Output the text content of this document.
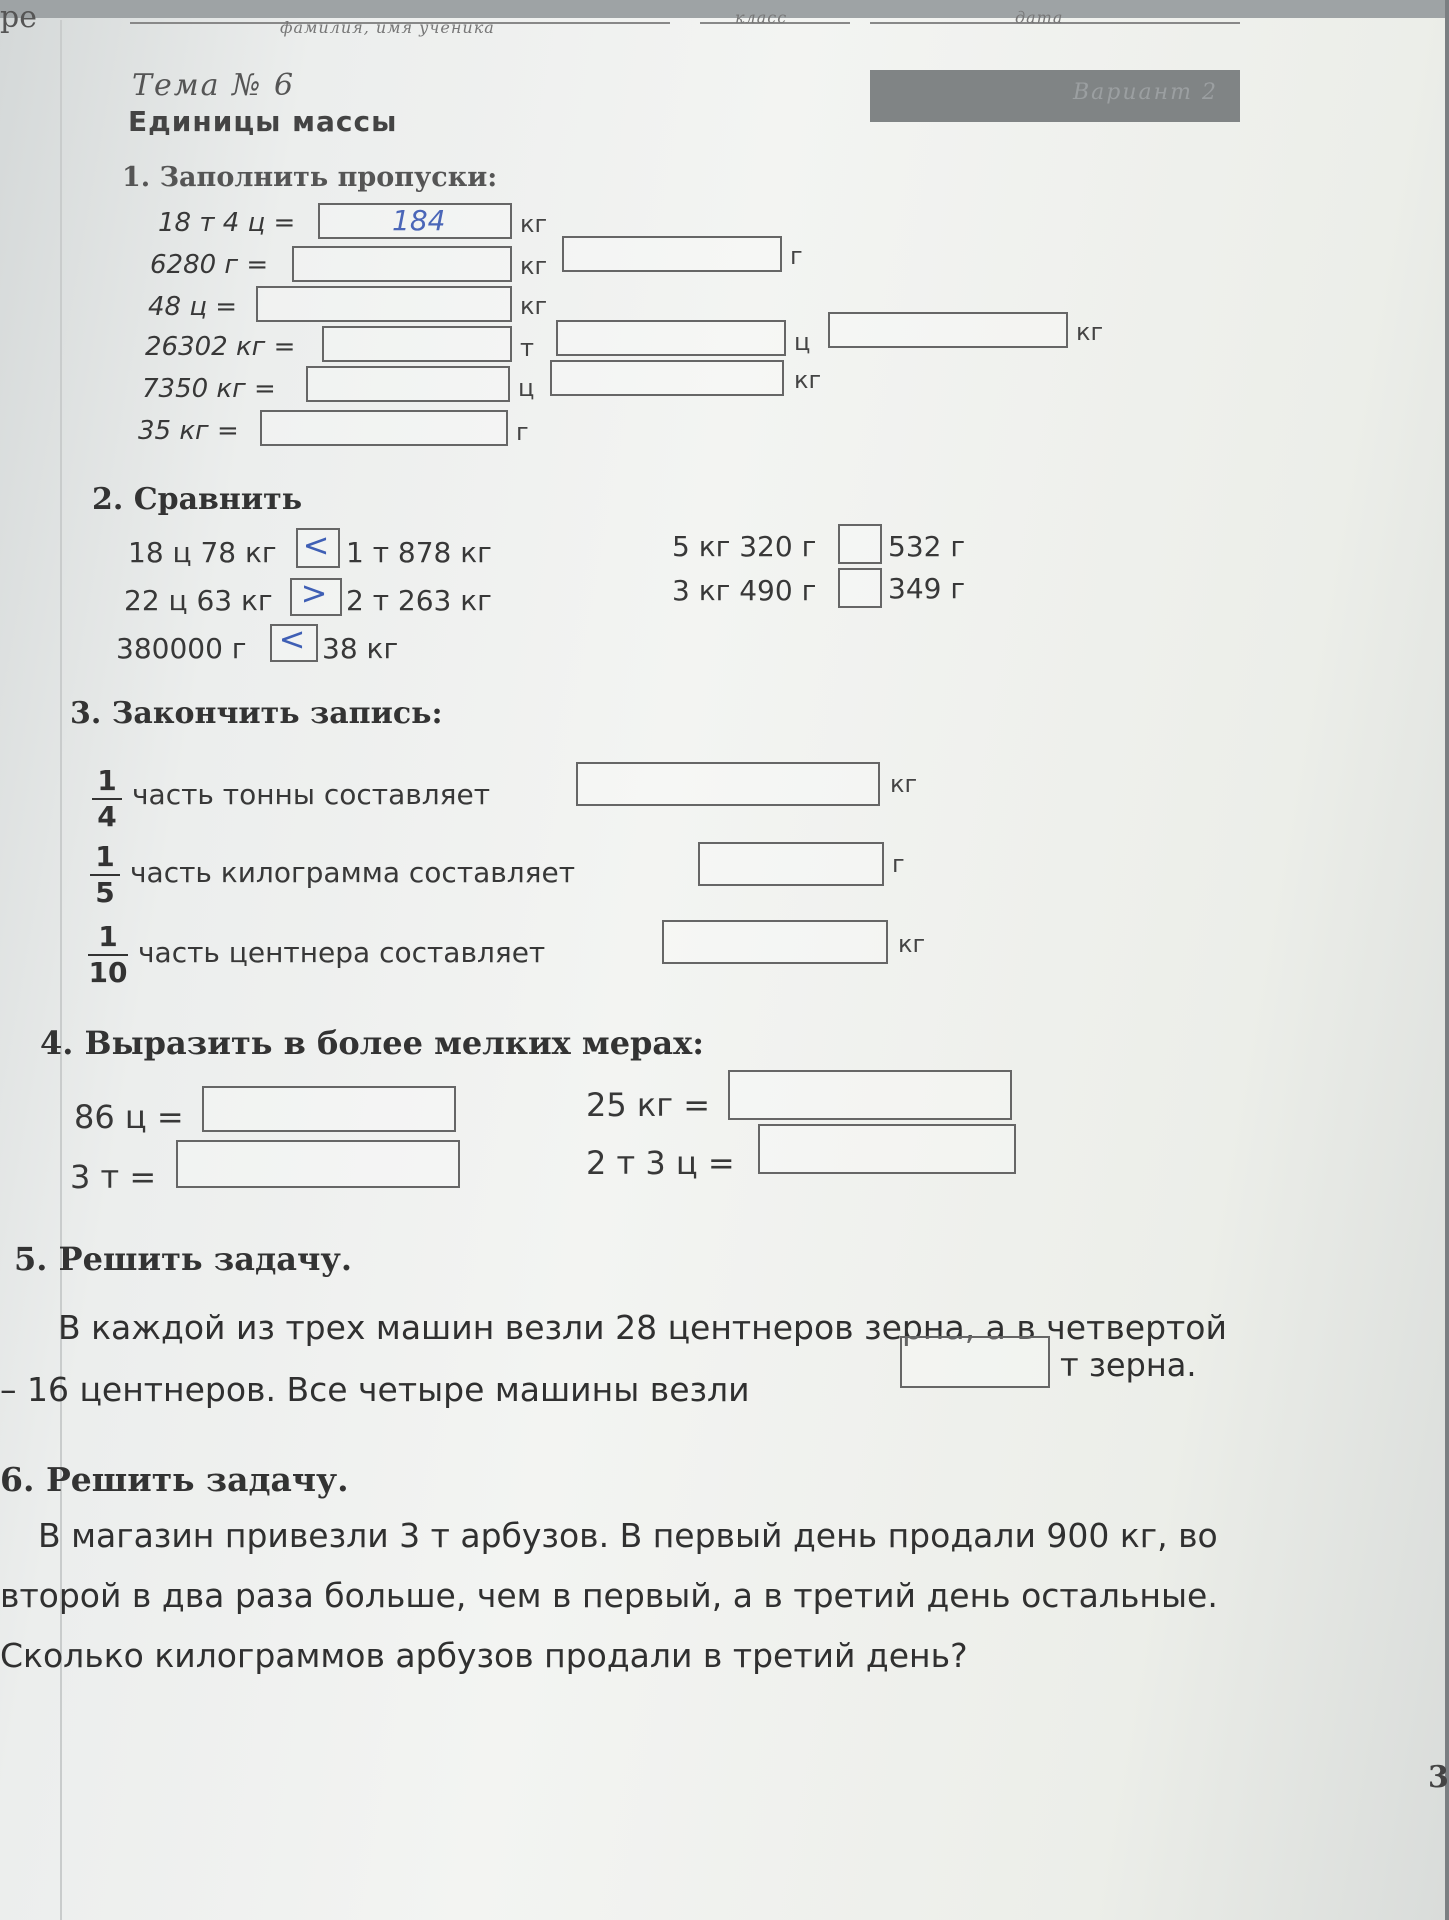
ре	фамилия, имя ученика
класс	дата
Тема № 6
Единицы массы
Вариант 2
1. Заполнить пропуски:
18 т 4 ц =	184	кг
6280 г =	кг	г
48 ц =	кг
26302 кг =	т	ц	кг
7350 кг =	ц	кг
35 кг =	г
2. Сравнить
18 ц 78 кг < 1 т 878 кг
22 ц 63 кг > 2 т 263 кг
380000 г < 38 кг
5 кг 320 г	532 г
3 кг 490 г	349 г
3. Закончить запись:
1
4
часть тонны составляет	кг
1
5
часть килограмма составляет	г
1
10
часть центнера составляет	кг
4. Выразить в более мелких мерах:
86 ц =
3 т =
25 кг =
2 т 3 ц =
5. Решить задачу.
В каждой из трех машин везли 28 центнеров зерна, а в четвертой
– 16 центнеров. Все четыре машины везли
т зерна.
6. Решить задачу.
В магазин привезли 3 т арбузов. В первый день продали 900 кг, во
второй в два раза больше, чем в первый, а в третий день остальные.
Сколько килограммов арбузов продали в третий день?
3
